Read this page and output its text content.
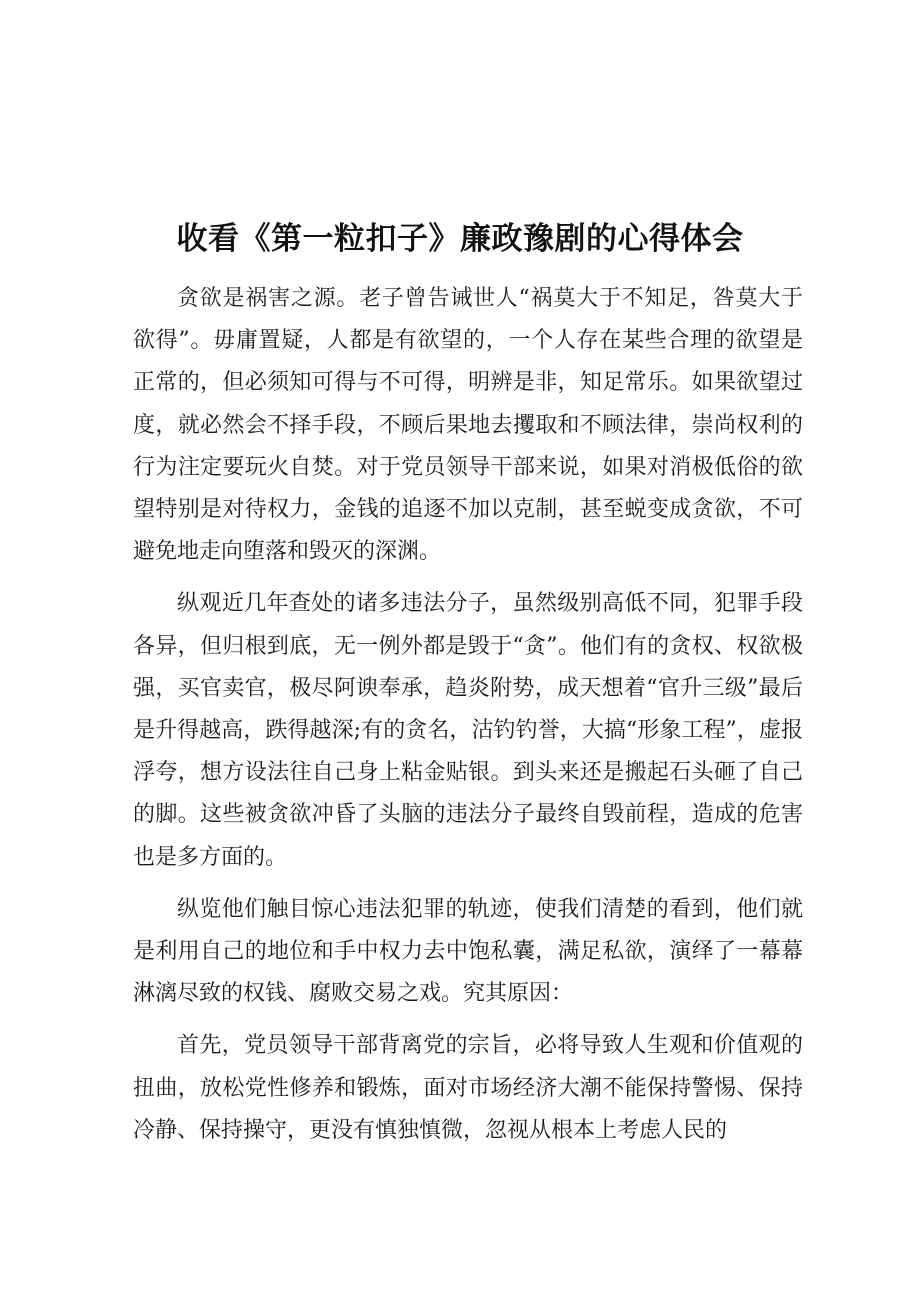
收看《第一粒扣子》廉政豫剧的心得体会

贪欲是祸害之源。老子曾告诫世人“祸莫大于不知足，咎莫大于欲得”。毋庸置疑，人都是有欲望的，一个人存在某些合理的欲望是正常的，但必须知可得与不可得，明辨是非，知足常乐。如果欲望过度，就必然会不择手段，不顾后果地去攫取和不顾法律，崇尚权利的行为注定要玩火自焚。对于党员领导干部来说，如果对消极低俗的欲望特别是对待权力，金钱的追逐不加以克制，甚至蜕变成贪欲，不可避免地走向堕落和毁灭的深渊。

纵观近几年查处的诸多违法分子，虽然级别高低不同，犯罪手段各异，但归根到底，无一例外都是毁于“贪”。他们有的贪权、权欲极强，买官卖官，极尽阿谀奉承，趋炎附势，成天想着“官升三级”最后是升得越高，跌得越深;有的贪名，沽钓钓誉，大搞“形象工程”，虚报浮夸，想方设法往自己身上粘金贴银。到头来还是搬起石头砸了自己的脚。这些被贪欲冲昏了头脑的违法分子最终自毁前程，造成的危害也是多方面的。

纵览他们触目惊心违法犯罪的轨迹，使我们清楚的看到，他们就是利用自己的地位和手中权力去中饱私囊，满足私欲，演绎了一幕幕淋漓尽致的权钱、腐败交易之戏。究其原因：

首先，党员领导干部背离党的宗旨，必将导致人生观和价值观的扭曲，放松党性修养和锻炼，面对市场经济大潮不能保持警惕、保持冷静、保持操守，更没有慎独慎微，忽视从根本上考虑人民的
